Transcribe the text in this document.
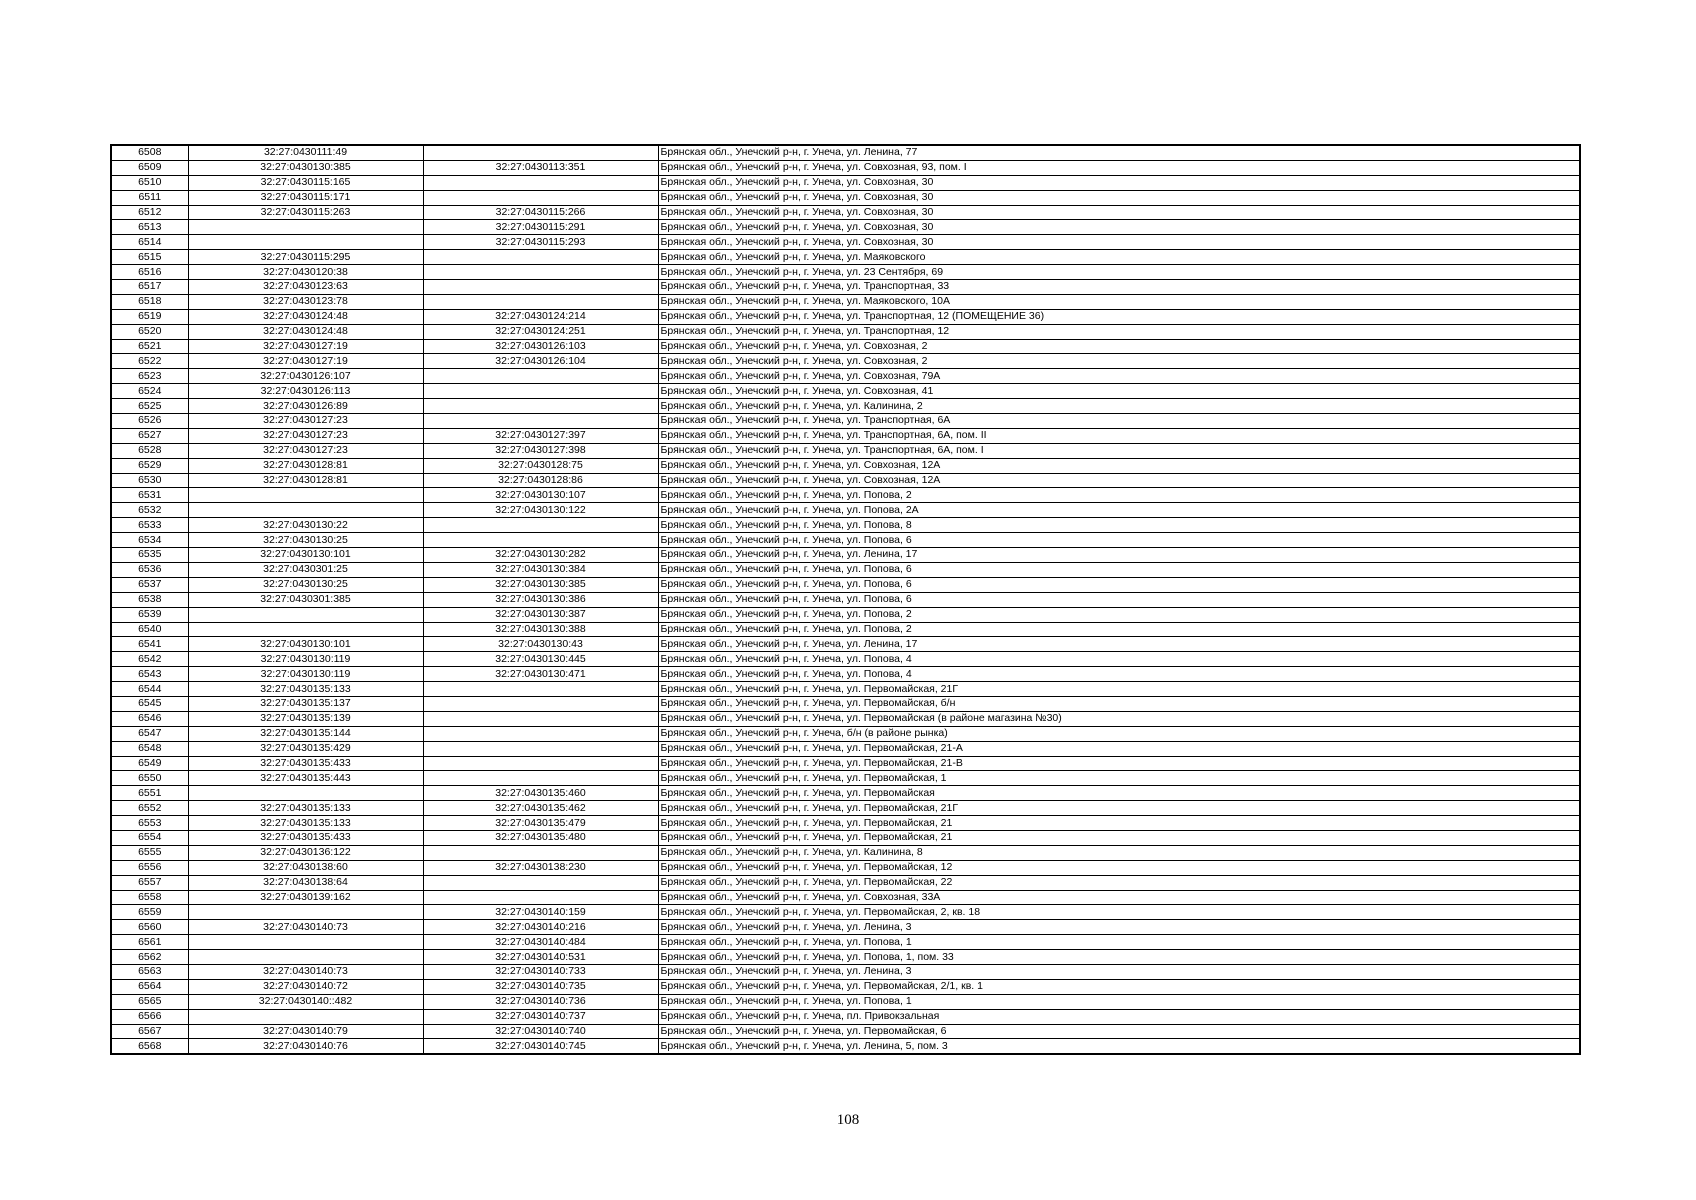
6508	32:27:0430111:49		Брянская обл., Унечский р-н, г. Унеча, ул. Ленина, 77
6509	32:27:0430130:385	32:27:0430113:351	Брянская обл., Унечский р-н, г. Унеча, ул. Совхозная, 93, пом. I
6510	32:27:0430115:165		Брянская обл., Унечский р-н, г. Унеча, ул. Совхозная, 30
6511	32:27:0430115:171		Брянская обл., Унечский р-н, г. Унеча, ул. Совхозная, 30
6512	32:27:0430115:263	32:27:0430115:266	Брянская обл., Унечский р-н, г. Унеча, ул. Совхозная, 30
6513		32:27:0430115:291	Брянская обл., Унечский р-н, г. Унеча, ул. Совхозная, 30
6514		32:27:0430115:293	Брянская обл., Унечский р-н, г. Унеча, ул. Совхозная, 30
6515	32:27:0430115:295		Брянская обл., Унечский р-н, г. Унеча, ул. Маяковского
6516	32:27:0430120:38		Брянская обл., Унечский р-н, г. Унеча, ул. 23 Сентября, 69
6517	32:27:0430123:63		Брянская обл., Унечский р-н, г. Унеча, ул. Транспортная, 33
6518	32:27:0430123:78		Брянская обл., Унечский р-н, г. Унеча, ул. Маяковского, 10А
6519	32:27:0430124:48	32:27:0430124:214	Брянская обл., Унечский р-н, г. Унеча, ул. Транспортная, 12 (ПОМЕЩЕНИЕ 36)
6520	32:27:0430124:48	32:27:0430124:251	Брянская обл., Унечский р-н, г. Унеча, ул. Транспортная, 12
6521	32:27:0430127:19	32:27:0430126:103	Брянская обл., Унечский р-н, г. Унеча, ул. Совхозная, 2
6522	32:27:0430127:19	32:27:0430126:104	Брянская обл., Унечский р-н, г. Унеча, ул. Совхозная, 2
6523	32:27:0430126:107		Брянская обл., Унечский р-н, г. Унеча, ул. Совхозная, 79А
6524	32:27:0430126:113		Брянская обл., Унечский р-н, г. Унеча, ул. Совхозная, 41
6525	32:27:0430126:89		Брянская обл., Унечский р-н, г. Унеча, ул. Калинина, 2
6526	32:27:0430127:23		Брянская обл., Унечский р-н, г. Унеча, ул. Транспортная, 6А
6527	32:27:0430127:23	32:27:0430127:397	Брянская обл., Унечский р-н, г. Унеча, ул. Транспортная, 6А, пом. II
6528	32:27:0430127:23	32:27:0430127:398	Брянская обл., Унечский р-н, г. Унеча, ул. Транспортная, 6А, пом. I
6529	32:27:0430128:81	32:27:0430128:75	Брянская обл., Унечский р-н, г. Унеча, ул. Совхозная, 12А
6530	32:27:0430128:81	32:27:0430128:86	Брянская обл., Унечский р-н, г. Унеча, ул. Совхозная, 12А
6531		32:27:0430130:107	Брянская обл., Унечский р-н, г. Унеча, ул. Попова, 2
6532		32:27:0430130:122	Брянская обл., Унечский р-н, г. Унеча, ул. Попова, 2А
6533	32:27:0430130:22		Брянская обл., Унечский р-н, г. Унеча, ул. Попова, 8
6534	32:27:0430130:25		Брянская обл., Унечский р-н, г. Унеча, ул. Попова, 6
6535	32:27:0430130:101	32:27:0430130:282	Брянская обл., Унечский р-н, г. Унеча, ул. Ленина, 17
6536	32:27:0430301:25	32:27:0430130:384	Брянская обл., Унечский р-н, г. Унеча, ул. Попова, 6
6537	32:27:0430130:25	32:27:0430130:385	Брянская обл., Унечский р-н, г. Унеча, ул. Попова, 6
6538	32:27:0430301:385	32:27:0430130:386	Брянская обл., Унечский р-н, г. Унеча, ул. Попова, 6
6539		32:27:0430130:387	Брянская обл., Унечский р-н, г. Унеча, ул. Попова, 2
6540		32:27:0430130:388	Брянская обл., Унечский р-н, г. Унеча, ул. Попова, 2
6541	32:27:0430130:101	32:27:0430130:43	Брянская обл., Унечский р-н, г. Унеча, ул. Ленина, 17
6542	32:27:0430130:119	32:27:0430130:445	Брянская обл., Унечский р-н, г. Унеча, ул. Попова, 4
6543	32:27:0430130:119	32:27:0430130:471	Брянская обл., Унечский р-н, г. Унеча, ул. Попова, 4
6544	32:27:0430135:133		Брянская обл., Унечский р-н, г. Унеча, ул. Первомайская, 21Г
6545	32:27:0430135:137		Брянская обл., Унечский р-н, г. Унеча, ул. Первомайская, б/н
6546	32:27:0430135:139		Брянская обл., Унечский р-н, г. Унеча, ул. Первомайская (в районе магазина №30)
6547	32:27:0430135:144		Брянская обл., Унечский р-н, г. Унеча, б/н (в районе рынка)
6548	32:27:0430135:429		Брянская обл., Унечский р-н, г. Унеча, ул. Первомайская, 21-А
6549	32:27:0430135:433		Брянская обл., Унечский р-н, г. Унеча, ул. Первомайская, 21-В
6550	32:27:0430135:443		Брянская обл., Унечский р-н, г. Унеча, ул. Первомайская, 1
6551		32:27:0430135:460	Брянская обл., Унечский р-н, г. Унеча, ул. Первомайская
6552	32:27:0430135:133	32:27:0430135:462	Брянская обл., Унечский р-н, г. Унеча, ул. Первомайская, 21Г
6553	32:27:0430135:133	32:27:0430135:479	Брянская обл., Унечский р-н, г. Унеча, ул. Первомайская, 21
6554	32:27:0430135:433	32:27:0430135:480	Брянская обл., Унечский р-н, г. Унеча, ул. Первомайская, 21
6555	32:27:0430136:122		Брянская обл., Унечский р-н, г. Унеча, ул. Калинина, 8
6556	32:27:0430138:60	32:27:0430138:230	Брянская обл., Унечский р-н, г. Унеча, ул. Первомайская, 12
6557	32:27:0430138:64		Брянская обл., Унечский р-н, г. Унеча, ул. Первомайская, 22
6558	32:27:0430139:162		Брянская обл., Унечский р-н, г. Унеча, ул. Совхозная, 33А
6559		32:27:0430140:159	Брянская обл., Унечский р-н, г. Унеча, ул. Первомайская, 2, кв. 18
6560	32:27:0430140:73	32:27:0430140:216	Брянская обл., Унечский р-н, г. Унеча, ул. Ленина, 3
6561		32:27:0430140:484	Брянская обл., Унечский р-н, г. Унеча, ул. Попова, 1
6562		32:27:0430140:531	Брянская обл., Унечский р-н, г. Унеча, ул. Попова, 1, пом. 33
6563	32:27:0430140:73	32:27:0430140:733	Брянская обл., Унечский р-н, г. Унеча, ул. Ленина, 3
6564	32:27:0430140:72	32:27:0430140:735	Брянская обл., Унечский р-н, г. Унеча, ул. Первомайская, 2/1, кв. 1
6565	32:27:0430140::482	32:27:0430140:736	Брянская обл., Унечский р-н, г. Унеча, ул. Попова, 1
6566		32:27:0430140:737	Брянская обл., Унечский р-н, г. Унеча, пл. Привокзальная
6567	32:27:0430140:79	32:27:0430140:740	Брянская обл., Унечский р-н, г. Унеча, ул. Первомайская, 6
6568	32:27:0430140:76	32:27:0430140:745	Брянская обл., Унечский р-н, г. Унеча, ул. Ленина, 5, пом. 3
108
